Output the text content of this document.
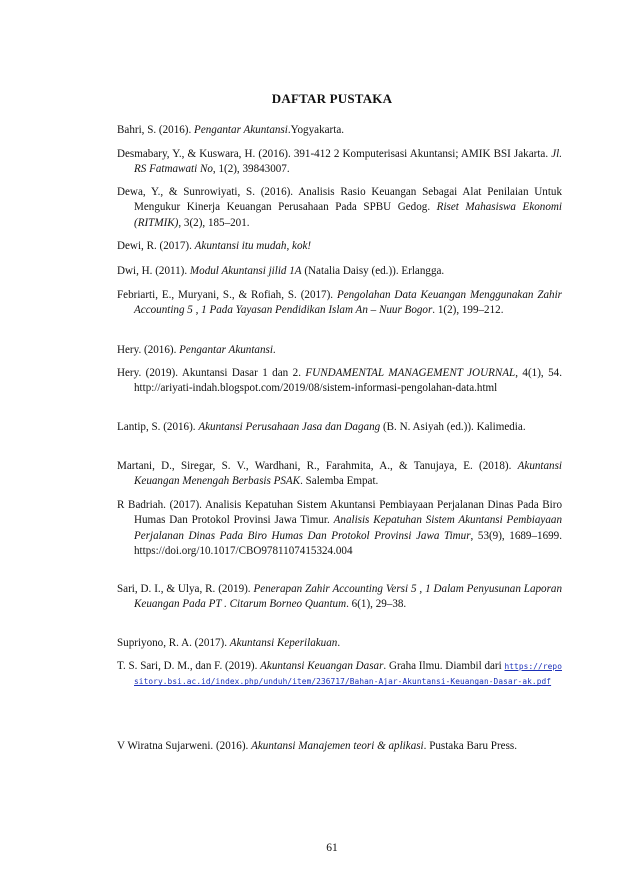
DAFTAR PUSTAKA
Bahri, S. (2016). Pengantar Akuntansi.Yogyakarta.
Desmabary, Y., & Kuswara, H. (2016). 391-412 2 Komputerisasi Akuntansi; AMIK BSI Jakarta. Jl. RS Fatmawati No, 1(2), 39843007.
Dewa, Y., & Sunrowiyati, S. (2016). Analisis Rasio Keuangan Sebagai Alat Penilaian Untuk Mengukur Kinerja Keuangan Perusahaan Pada SPBU Gedog. Riset Mahasiswa Ekonomi (RITMIK), 3(2), 185–201.
Dewi, R. (2017). Akuntansi itu mudah, kok!
Dwi, H. (2011). Modul Akuntansi jilid 1A (Natalia Daisy (ed.)). Erlangga.
Febriarti, E., Muryani, S., & Rofiah, S. (2017). Pengolahan Data Keuangan Menggunakan Zahir Accounting 5 , 1 Pada Yayasan Pendidikan Islam An – Nuur Bogor. 1(2), 199–212.
Hery. (2016). Pengantar Akuntansi.
Hery. (2019). Akuntansi Dasar 1 dan 2. FUNDAMENTAL MANAGEMENT JOURNAL, 4(1), 54. http://ariyati-indah.blogspot.com/2019/08/sistem-informasi-pengolahan-data.html
Lantip, S. (2016). Akuntansi Perusahaan Jasa dan Dagang (B. N. Asiyah (ed.)). Kalimedia.
Martani, D., Siregar, S. V., Wardhani, R., Farahmita, A., & Tanujaya, E. (2018). Akuntansi Keuangan Menengah Berbasis PSAK. Salemba Empat.
R Badriah. (2017). Analisis Kepatuhan Sistem Akuntansi Pembiayaan Perjalanan Dinas Pada Biro Humas Dan Protokol Provinsi Jawa Timur. Analisis Kepatuhan Sistem Akuntansi Pembiayaan Perjalanan Dinas Pada Biro Humas Dan Protokol Provinsi Jawa Timur, 53(9), 1689–1699. https://doi.org/10.1017/CBO9781107415324.004
Sari, D. I., & Ulya, R. (2019). Penerapan Zahir Accounting Versi 5 , 1 Dalam Penyusunan Laporan Keuangan Pada PT . Citarum Borneo Quantum. 6(1), 29–38.
Supriyono, R. A. (2017). Akuntansi Keperilakuan.
T. S. Sari, D. M., dan F. (2019). Akuntansi Keuangan Dasar. Graha Ilmu. Diambil dari https://repository.bsi.ac.id/index.php/unduh/item/236717/Bahan-Ajar-Akuntansi-Keuangan-Dasar-ak.pdf
V Wiratna Sujarweni. (2016). Akuntansi Manajemen teori & aplikasi. Pustaka Baru Press.
61
